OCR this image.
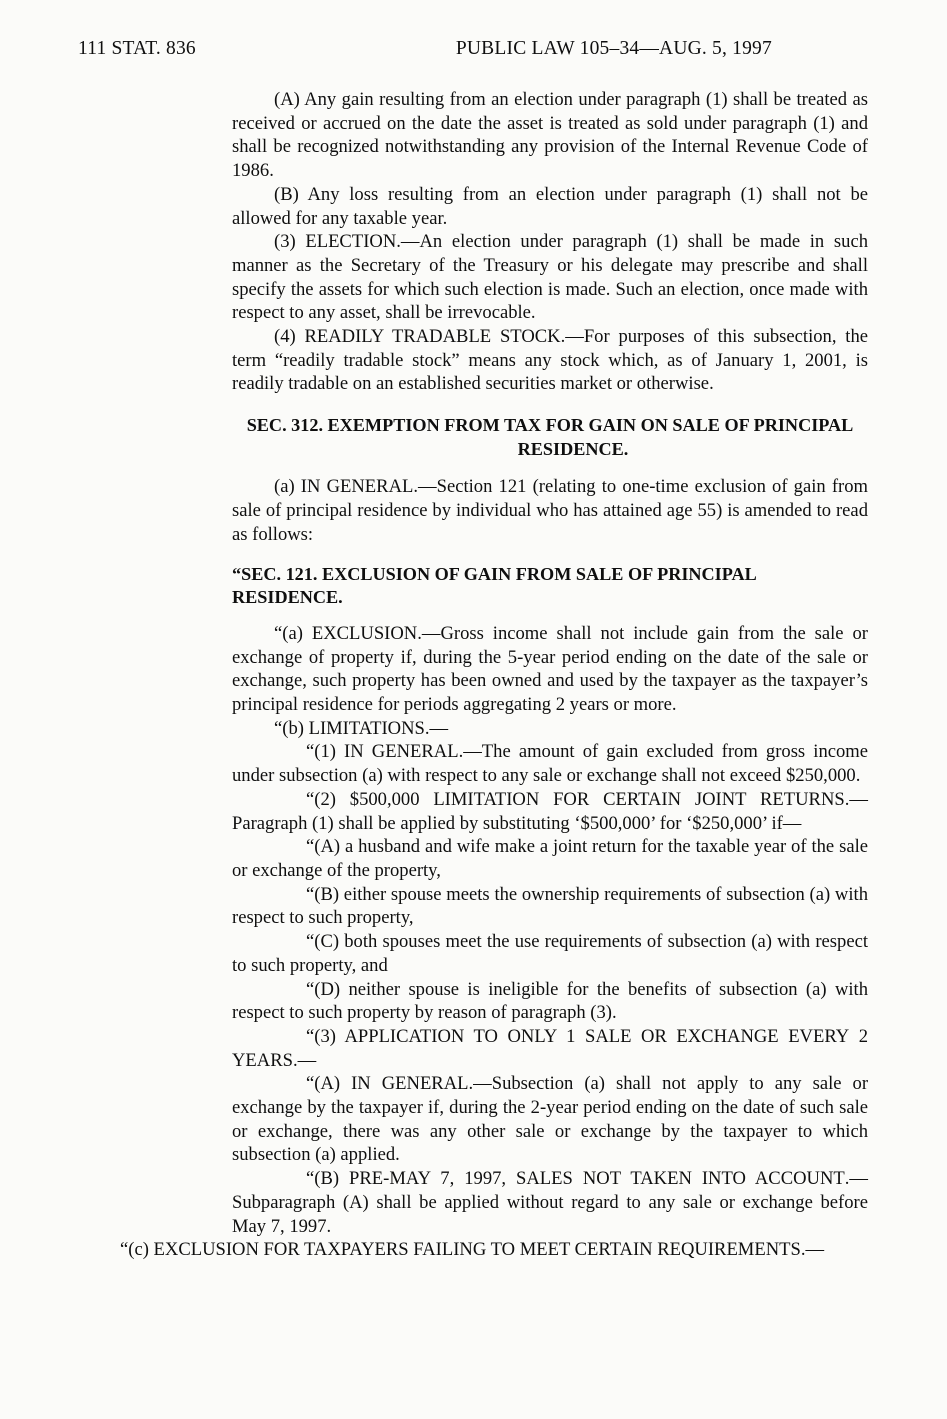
111 STAT. 836	PUBLIC LAW 105–34—AUG. 5, 1997

(A) Any gain resulting from an election under paragraph (1) shall be treated as received or accrued on the date the asset is treated as sold under paragraph (1) and shall be recognized notwithstanding any provision of the Internal Revenue Code of 1986.

(B) Any loss resulting from an election under paragraph (1) shall not be allowed for any taxable year.

(3) ELECTION.—An election under paragraph (1) shall be made in such manner as the Secretary of the Treasury or his delegate may prescribe and shall specify the assets for which such election is made. Such an election, once made with respect to any asset, shall be irrevocable.

(4) READILY TRADABLE STOCK.—For purposes of this subsection, the term “readily tradable stock” means any stock which, as of January 1, 2001, is readily tradable on an established securities market or otherwise.

SEC. 312. EXEMPTION FROM TAX FOR GAIN ON SALE OF PRINCIPAL
RESIDENCE.

(a) IN GENERAL.—Section 121 (relating to one-time exclusion of gain from sale of principal residence by individual who has attained age 55) is amended to read as follows:

“SEC. 121. EXCLUSION OF GAIN FROM SALE OF PRINCIPAL RESIDENCE.

“(a) EXCLUSION.—Gross income shall not include gain from the sale or exchange of property if, during the 5-year period ending on the date of the sale or exchange, such property has been owned and used by the taxpayer as the taxpayer’s principal residence for periods aggregating 2 years or more.

“(b) LIMITATIONS.—

“(1) IN GENERAL.—The amount of gain excluded from gross income under subsection (a) with respect to any sale or exchange shall not exceed $250,000.

“(2) $500,000 LIMITATION FOR CERTAIN JOINT RETURNS.—Paragraph (1) shall be applied by substituting ‘$500,000’ for ‘$250,000’ if—

“(A) a husband and wife make a joint return for the taxable year of the sale or exchange of the property,

“(B) either spouse meets the ownership requirements of subsection (a) with respect to such property,

“(C) both spouses meet the use requirements of subsection (a) with respect to such property, and

“(D) neither spouse is ineligible for the benefits of subsection (a) with respect to such property by reason of paragraph (3).

“(3) APPLICATION TO ONLY 1 SALE OR EXCHANGE EVERY 2 YEARS.—

“(A) IN GENERAL.—Subsection (a) shall not apply to any sale or exchange by the taxpayer if, during the 2-year period ending on the date of such sale or exchange, there was any other sale or exchange by the taxpayer to which subsection (a) applied.

“(B) PRE-MAY 7, 1997, SALES NOT TAKEN INTO ACCOUNT.—Subparagraph (A) shall be applied without regard to any sale or exchange before May 7, 1997.

“(c) EXCLUSION FOR TAXPAYERS FAILING TO MEET CERTAIN REQUIREMENTS.—
